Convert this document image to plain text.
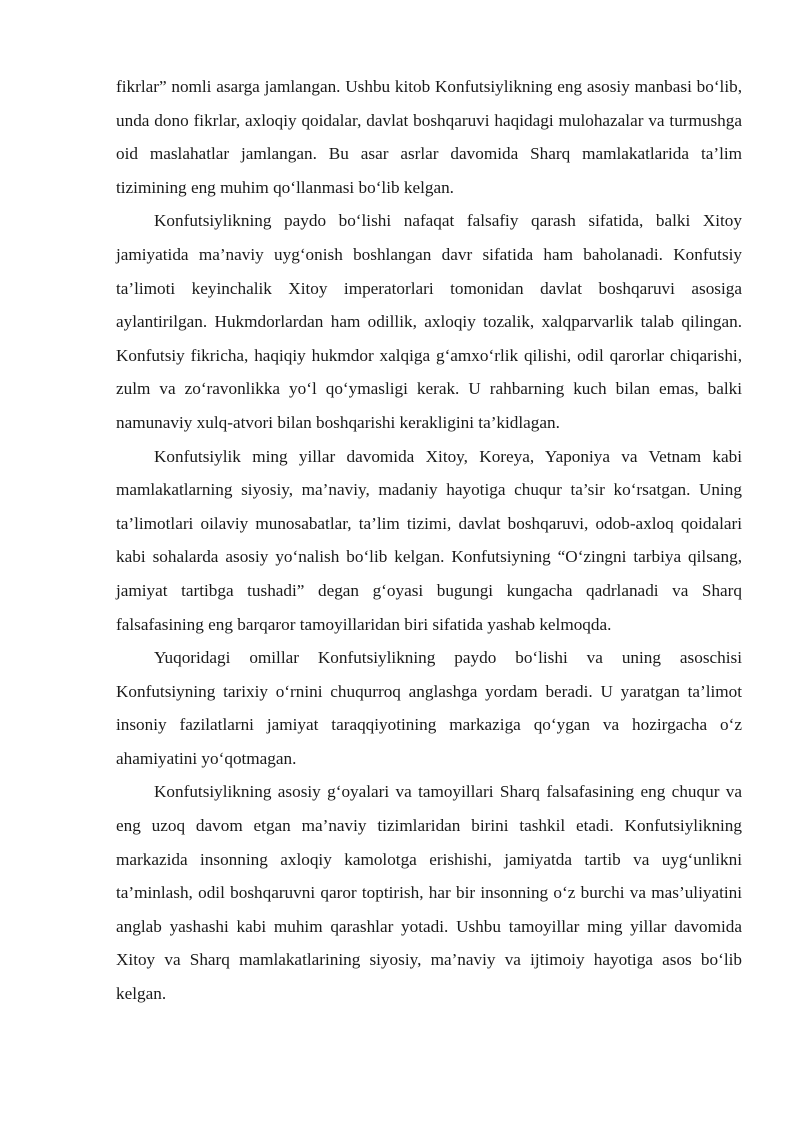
fikrlar” nomli asarga jamlangan. Ushbu kitob Konfutsiylikning eng asosiy manbasi bo‘lib, unda dono fikrlar, axloqiy qoidalar, davlat boshqaruvi haqidagi mulohazalar va turmushga oid maslahatlar jamlangan. Bu asar asrlar davomida Sharq mamlakatlarida ta’lim tizimining eng muhim qo‘llanmasi bo‘lib kelgan.

Konfutsiylikning paydo bo‘lishi nafaqat falsafiy qarash sifatida, balki Xitoy jamiyatida ma’naviy uyg‘onish boshlangan davr sifatida ham baholanadi. Konfutsiy ta’limoti keyinchalik Xitoy imperatorlari tomonidan davlat boshqaruvi asosiga aylantirilgan. Hukmdorlardan ham odillik, axloqiy tozalik, xalqparvarlik talab qilingan. Konfutsiy fikricha, haqiqiy hukmdor xalqiga g‘amxo‘rlik qilishi, odil qarorlar chiqarishi, zulm va zo‘ravonlikka yo‘l qo‘ymasligi kerak. U rahbarning kuch bilan emas, balki namunaviy xulq-atvori bilan boshqarishi kerakligini ta’kidlagan.

Konfutsiylik ming yillar davomida Xitoy, Koreya, Yaponiya va Vetnam kabi mamlakatlarning siyosiy, ma’naviy, madaniy hayotiga chuqur ta’sir ko‘rsatgan. Uning ta’limotlari oilaviy munosabatlar, ta’lim tizimi, davlat boshqaruvi, odob-axloq qoidalari kabi sohalarda asosiy yo‘nalish bo‘lib kelgan. Konfutsiyning “O‘zingni tarbiya qilsang, jamiyat tartibga tushadi” degan g‘oyasi bugungi kungacha qadrlanadi va Sharq falsafasining eng barqaror tamoyillaridan biri sifatida yashab kelmoqda.

Yuqoridagi omillar Konfutsiylikning paydo bo‘lishi va uning asoschisi Konfutsiyning tarixiy o‘rnini chuqurroq anglashga yordam beradi. U yaratgan ta’limot insoniy fazilatlarni jamiyat taraqqiyotining markaziga qo‘ygan va hozirgacha o‘z ahamiyatini yo‘qotmagan.

Konfutsiylikning asosiy g‘oyalari va tamoyillari Sharq falsafasining eng chuqur va eng uzoq davom etgan ma’naviy tizimlaridan birini tashkil etadi. Konfutsiylikning markazida insonning axloqiy kamolotga erishishi, jamiyatda tartib va uyg‘unlikni ta’minlash, odil boshqaruvni qaror toptirish, har bir insonning o‘z burchi va mas’uliyatini anglab yashashi kabi muhim qarashlar yotadi. Ushbu tamoyillar ming yillar davomida Xitoy va Sharq mamlakatlarining siyosiy, ma’naviy va ijtimoiy hayotiga asos bo‘lib kelgan.
